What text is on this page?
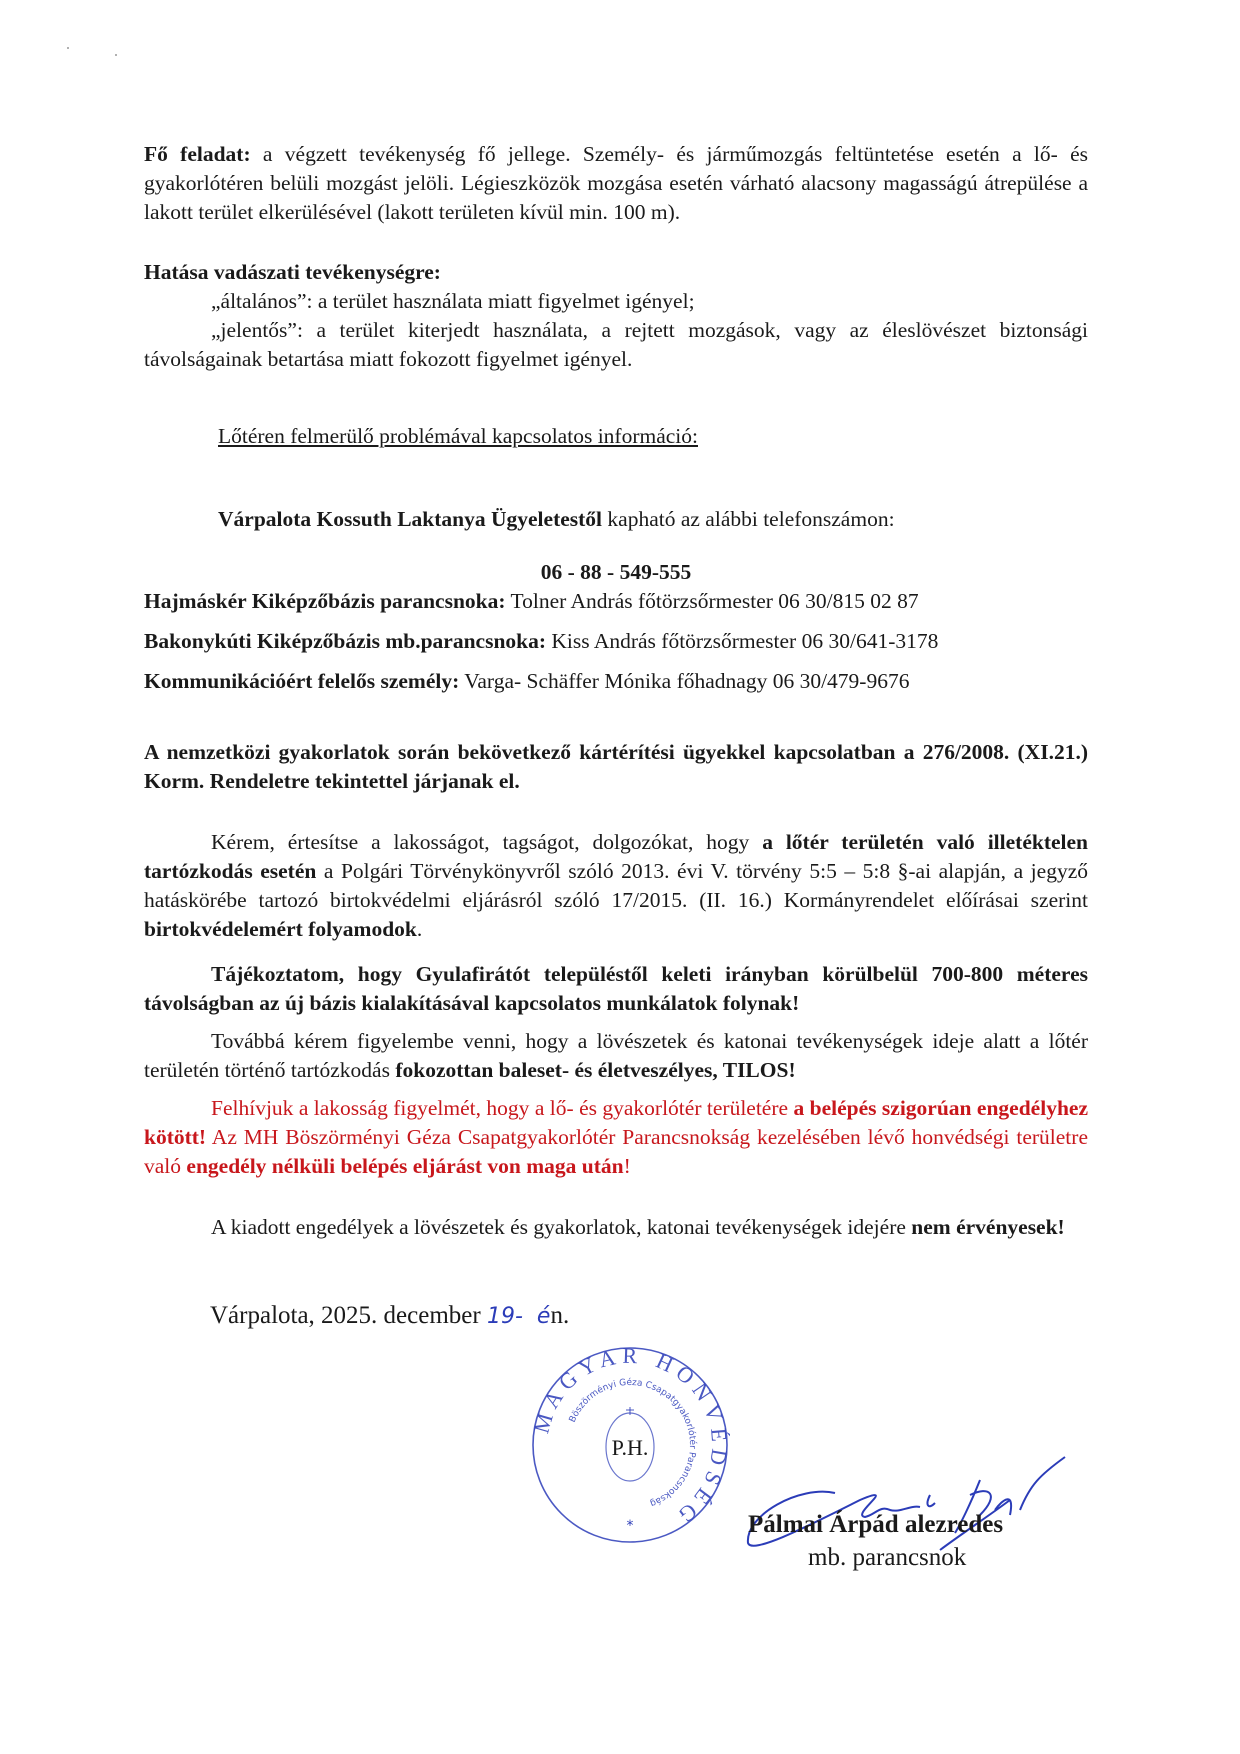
Fő feladat: a végzett tevékenység fő jellege. Személy- és járműmozgás feltüntetése esetén a lő- és gyakorlótéren belüli mozgást jelöli. Légieszközök mozgása esetén várható alacsony magasságú átrepülése a lakott terület elkerülésével (lakott területen kívül min. 100 m).

Hatása vadászati tevékenységre:

„általános”: a terület használata miatt figyelmet igényel;

„jelentős”: a terület kiterjedt használata, a rejtett mozgások, vagy az éleslövészet biztonsági távolságainak betartása miatt fokozott figyelmet igényel.

Lőtéren felmerülő problémával kapcsolatos információ:

Várpalota Kossuth Laktanya Ügyeletestől kapható az alábbi telefonszámon:

06 - 88 - 549-555

Hajmáskér Kiképzőbázis parancsnoka: Tolner András főtörzsőrmester 06 30/815 02 87

Bakonykúti Kiképzőbázis mb.parancsnoka: Kiss András főtörzsőrmester 06 30/641-3178

Kommunikációért felelős személy: Varga- Schäffer Mónika főhadnagy 06 30/479-9676

A nemzetközi gyakorlatok során bekövetkező kártérítési ügyekkel kapcsolatban a 276/2008. (XI.21.) Korm. Rendeletre tekintettel járjanak el.

Kérem, értesítse a lakosságot, tagságot, dolgozókat, hogy a lőtér területén való illetéktelen tartózkodás esetén a Polgári Törvénykönyvről szóló 2013. évi V. törvény 5:5 – 5:8 §-ai alapján, a jegyző hatáskörébe tartozó birtokvédelmi eljárásról szóló 17/2015. (II. 16.) Kormányrendelet előírásai szerint birtokvédelemért folyamodok.

Tájékoztatom, hogy Gyulafirátót településtől keleti irányban körülbelül 700-800 méteres távolságban az új bázis kialakításával kapcsolatos munkálatok folynak!

Továbbá kérem figyelembe venni, hogy a lövészetek és katonai tevékenységek ideje alatt a lőtér területén történő tartózkodás fokozottan baleset- és életveszélyes, TILOS!

Felhívjuk a lakosság figyelmét, hogy a lő- és gyakorlótér területére a belépés szigorúan engedélyhez kötött! Az MH Böszörményi Géza Csapatgyakorlótér Parancsnokság kezelésében lévő honvédségi területre való engedély nélküli belépés eljárást von maga után!

A kiadott engedélyek a lövészetek és gyakorlatok, katonai tevékenységek idejére nem érvényesek!

Várpalota, 2025. december 19- én.

MAGYAR HONVÉDSÉG
Böszörményi Géza Csapatgyakorlótér Parancsnokság
P.H.
*	Pálmai Árpád alezredes

mb. parancsnok
